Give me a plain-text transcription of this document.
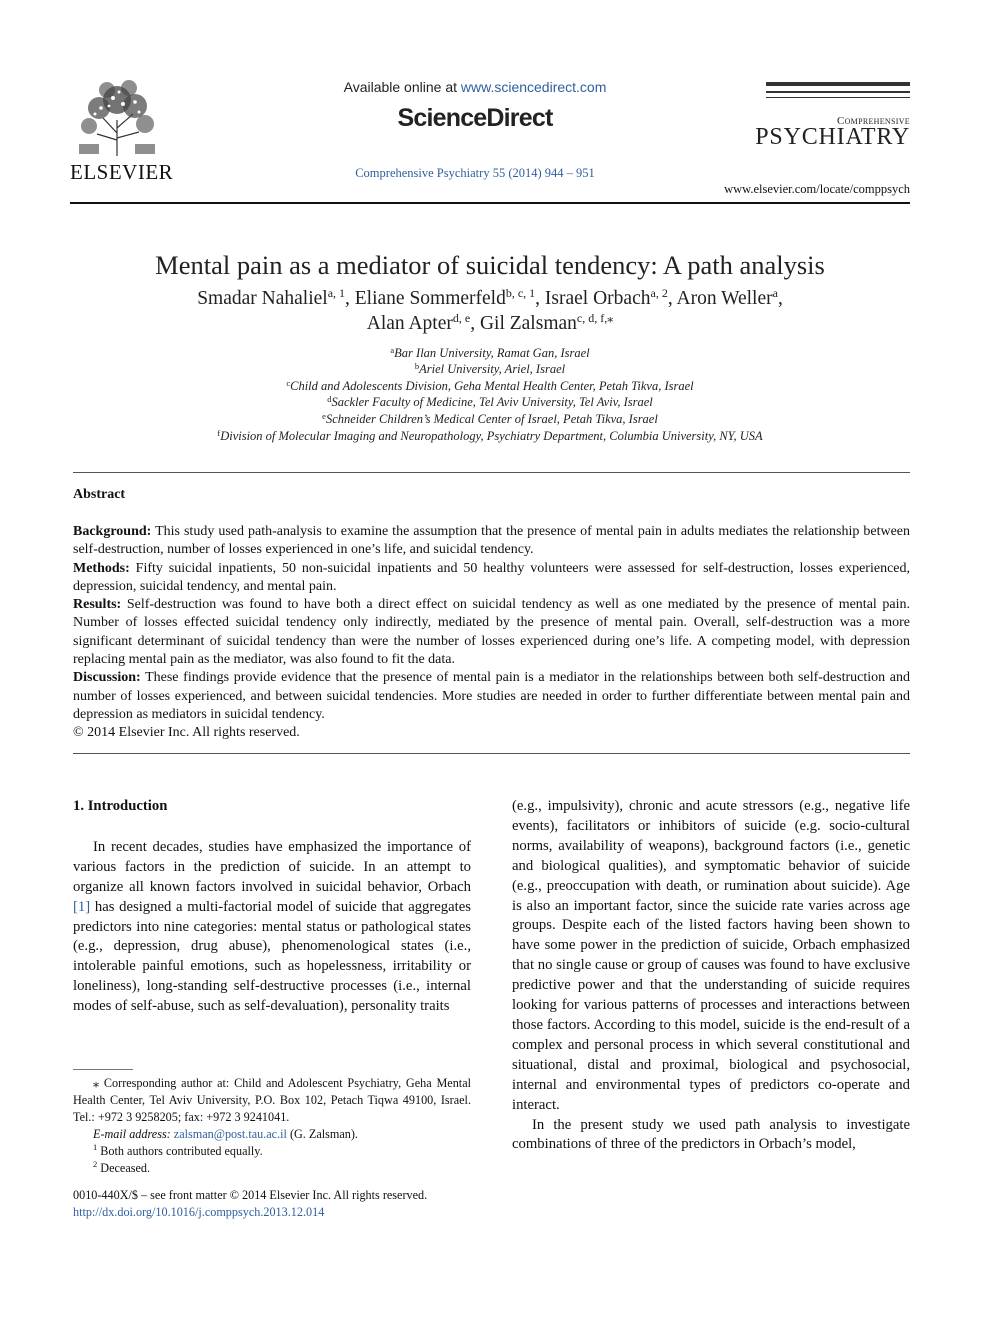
ELSEVIER
Available online at www.sciencedirect.com
ScienceDirect
Comprehensive Psychiatry 55 (2014) 944 – 951
Comprehensive
PSYCHIATRY
www.elsevier.com/locate/comppsych
Mental pain as a mediator of suicidal tendency: A path analysis
Smadar Nahaliel$^{a, 1}$, Eliane Sommerfeld$^{b, c, 1}$, Israel Orbach$^{a, 2}$, Aron Weller$^a$,
Alan Apter$^{d, e}$, Gil Zalsman$^{c, d, f,⁎}$
$^a$Bar Ilan University, Ramat Gan, Israel
$^b$Ariel University, Ariel, Israel
$^c$Child and Adolescents Division, Geha Mental Health Center, Petah Tikva, Israel
$^d$Sackler Faculty of Medicine, Tel Aviv University, Tel Aviv, Israel
$^e$Schneider Children’s Medical Center of Israel, Petah Tikva, Israel
$^f$Division of Molecular Imaging and Neuropathology, Psychiatry Department, Columbia University, NY, USA
Abstract

Background: This study used path-analysis to examine the assumption that the presence of mental pain in adults mediates the relationship between self-destruction, number of losses experienced in one’s life, and suicidal tendency.

Methods: Fifty suicidal inpatients, 50 non-suicidal inpatients and 50 healthy volunteers were assessed for self-destruction, losses experienced, depression, suicidal tendency, and mental pain.

Results: Self-destruction was found to have both a direct effect on suicidal tendency as well as one mediated by the presence of mental pain. Number of losses effected suicidal tendency only indirectly, mediated by the presence of mental pain. Overall, self-destruction was a more significant determinant of suicidal tendency than were the number of losses experienced during one’s life. A competing model, with depression replacing mental pain as the mediator, was also found to fit the data.

Discussion: These findings provide evidence that the presence of mental pain is a mediator in the relationships between both self-destruction and number of losses experienced, and between suicidal tendencies. More studies are needed in order to further differentiate between mental pain and depression as mediators in suicidal tendency.

© 2014 Elsevier Inc. All rights reserved.

1. Introduction

In recent decades, studies have emphasized the importance of various factors in the prediction of suicide. In an attempt to organize all known factors involved in suicidal behavior, Orbach [1] has designed a multi-factorial model of suicide that aggregates predictors into nine categories: mental status or pathological states (e.g., depression, drug abuse), phenomenological states (i.e., intolerable painful emotions, such as hopelessness, irritability or loneliness), long-standing self-destructive processes (i.e., internal modes of self-abuse, such as self-devaluation), personality traits

(e.g., impulsivity), chronic and acute stressors (e.g., negative life events), facilitators or inhibitors of suicide (e.g. socio-cultural norms, availability of weapons), background factors (i.e., genetic and biological qualities), and symptomatic behavior of suicide (e.g., preoccupation with death, or rumination about suicide). Age is also an important factor, since the suicide rate varies across age groups. Despite each of the listed factors having been shown to have some power in the prediction of suicide, Orbach emphasized that no single cause or group of causes was found to have exclusive predictive power and that the understanding of suicide requires looking for various patterns of processes and interactions between those factors. According to this model, suicide is the end-result of a complex and personal process in which several constitutional and situational, distal and proximal, biological and psychosocial, internal and environmental types of predictors co-operate and interact.

In the present study we used path analysis to investigate combinations of three of the predictors in Orbach’s model,

⁎ Corresponding author at: Child and Adolescent Psychiatry, Geha Mental Health Center, Tel Aviv University, P.O. Box 102, Petach Tiqwa 49100, Israel. Tel.: +972 3 9258205; fax: +972 3 9241041.

E-mail address: zalsman@post.tau.ac.il (G. Zalsman).

$^1$ Both authors contributed equally.

$^2$ Deceased.

0010-440X/$ – see front matter © 2014 Elsevier Inc. All rights reserved.

http://dx.doi.org/10.1016/j.comppsych.2013.12.014
